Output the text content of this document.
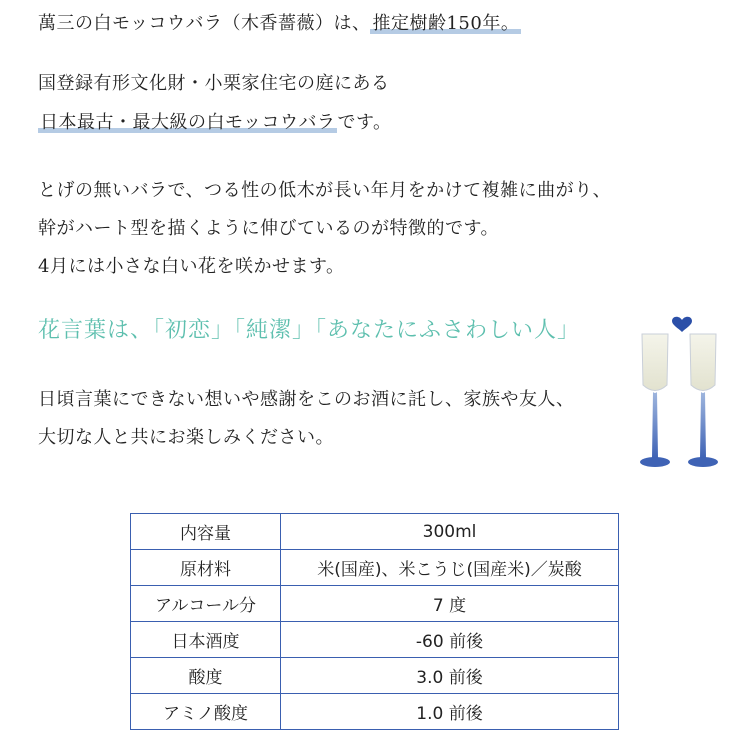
萬三の白モッコウバラ（木香薔薇）は、 推定樹齢150年。
国登録有形文化財・小栗家住宅の庭にある
日本最古・最大級の白モッコウバラ です。
とげの無いバラで、つる性の低木が長い年月をかけて複雑に曲がり、
幹がハート型を描くように伸びているのが特徴的です。
4月には小さな白い花を咲かせます。
花言葉は、「初恋」「純潔」「あなたにふさわしい人」
日頃言葉にできない想いや感謝をこのお酒に託し、家族や友人、
大切な人と共にお楽しみください。
内容量	300ml
原材料	米(国産)、米こうじ(国産米)／炭酸
アルコール分	7 度
日本酒度	-60 前後
酸度	3.0 前後
アミノ酸度	1.0 前後
